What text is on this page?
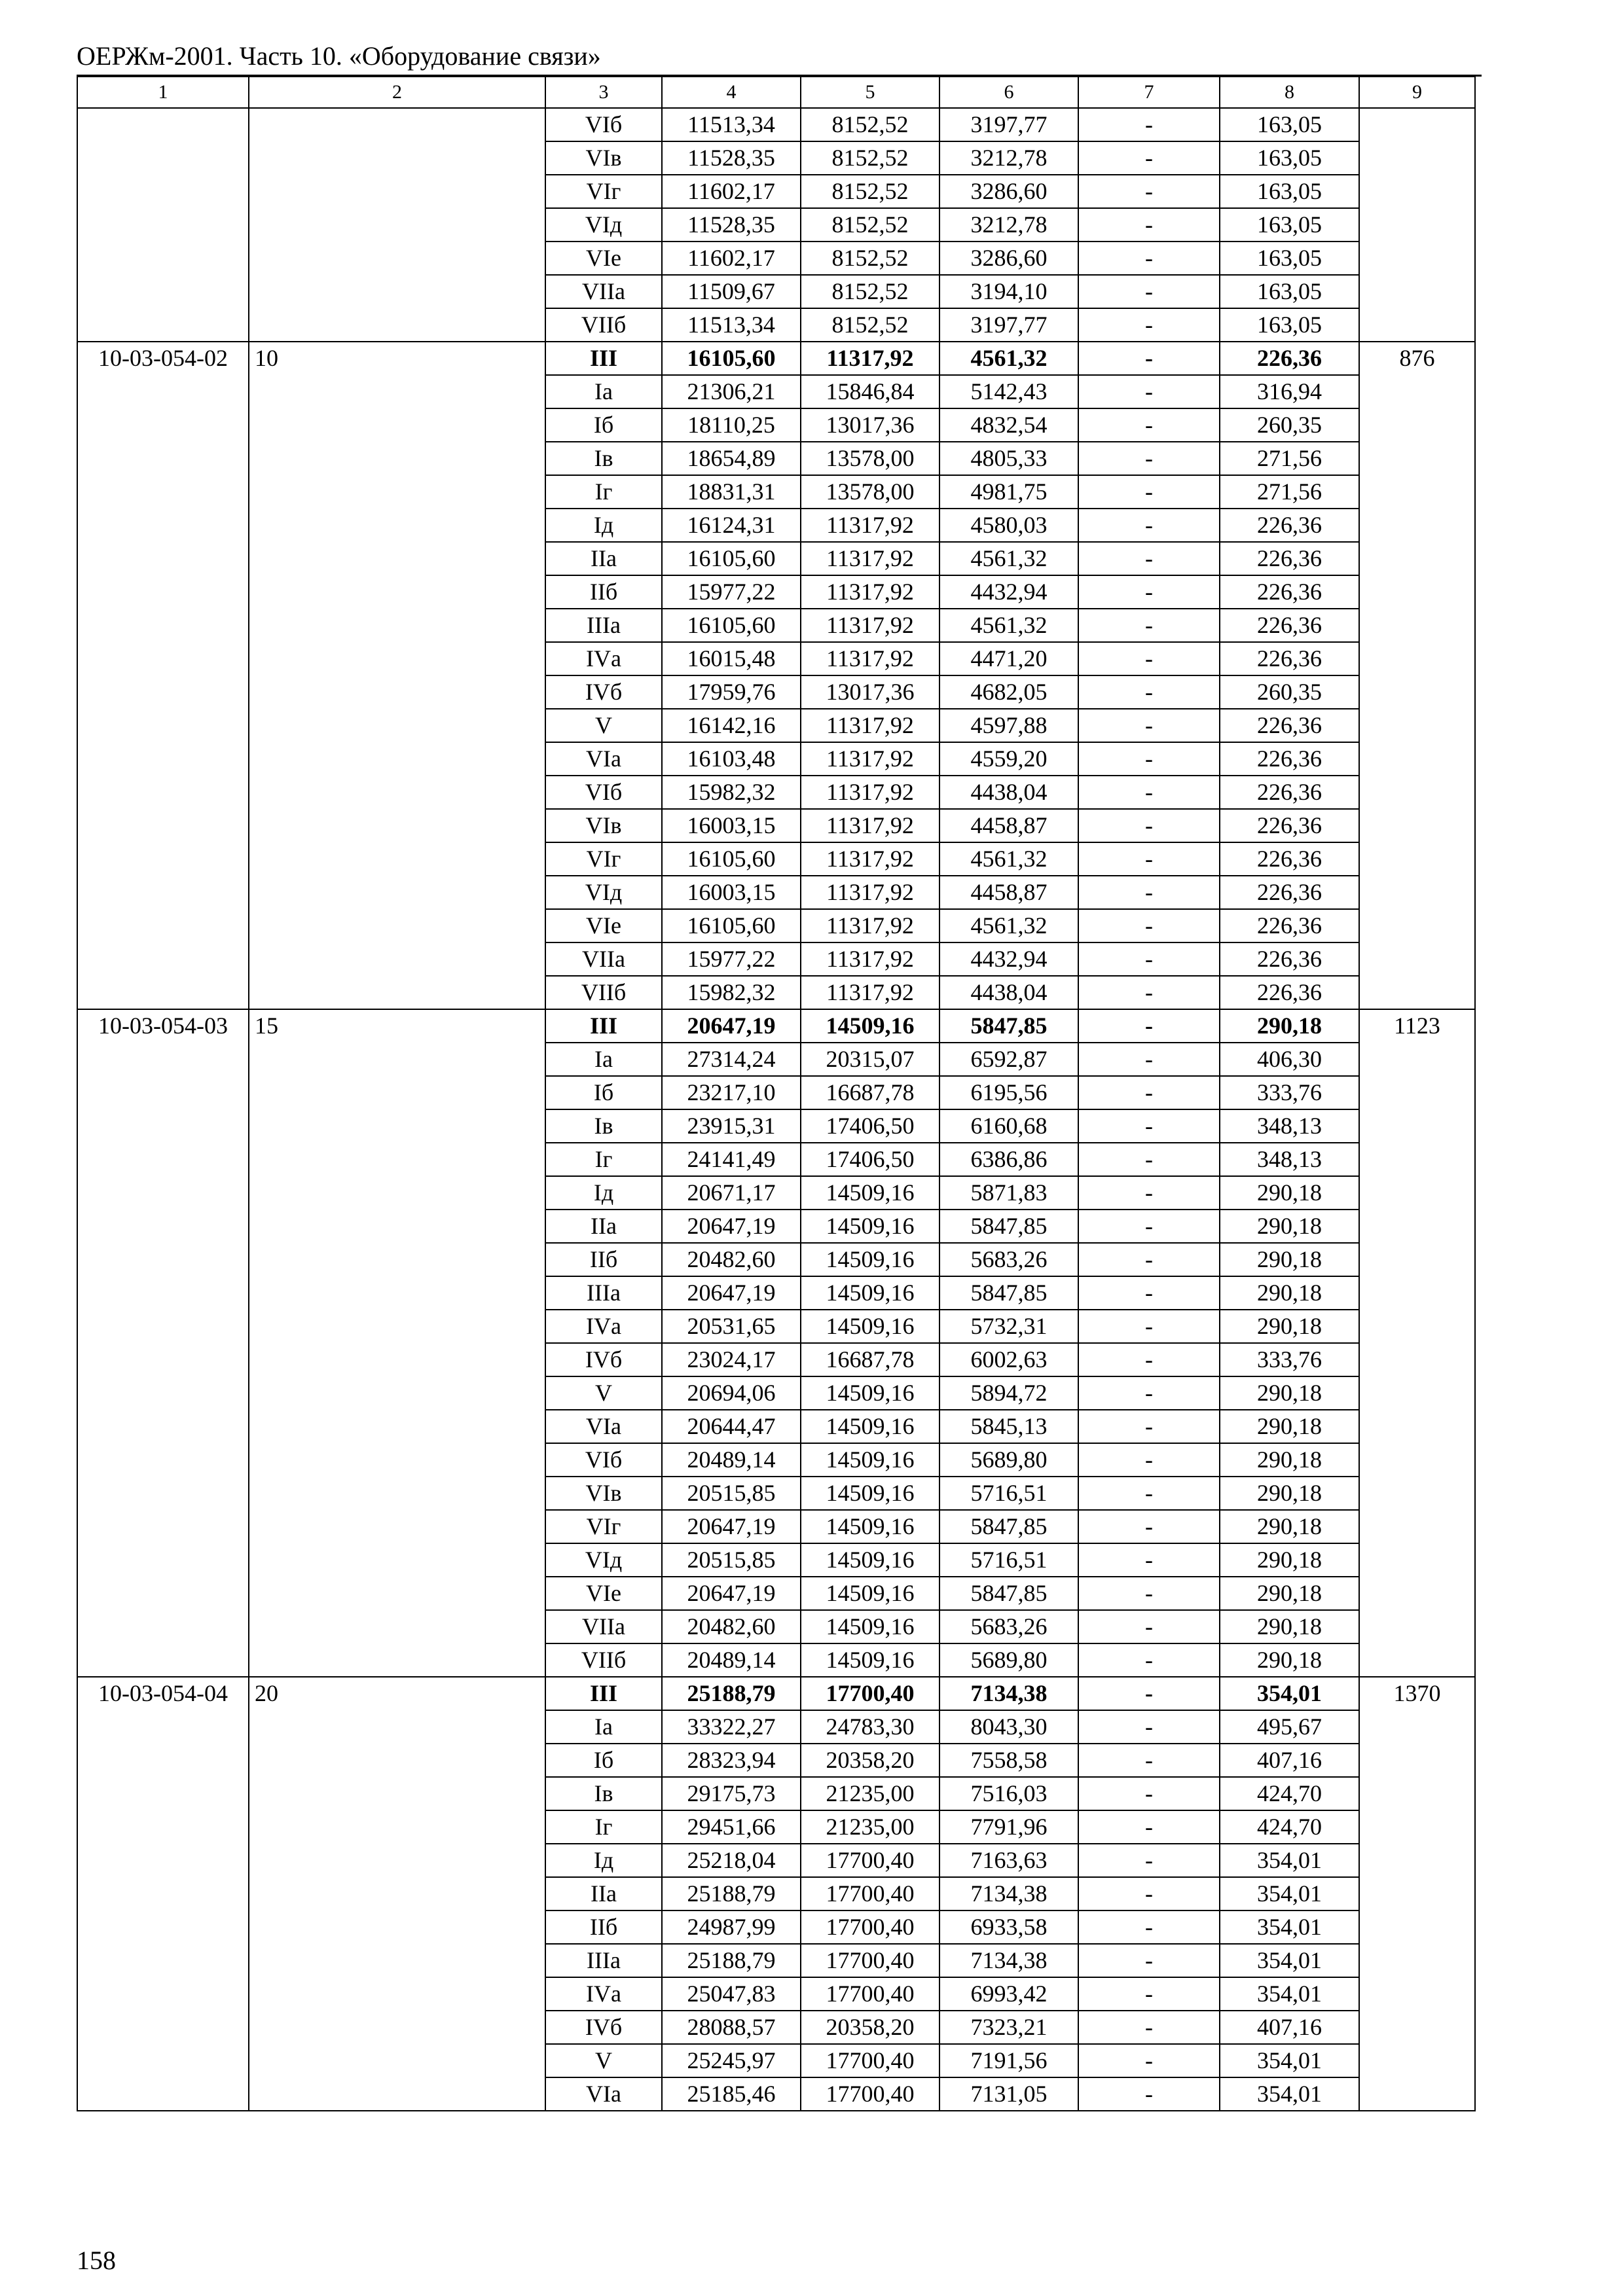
ОЕРЖм-2001. Часть 10. «Оборудование связи»
1	2	3	4	5	6	7	8	9
		VIб	11513,34	8152,52	3197,77	-	163,05	
		VIв	11528,35	8152,52	3212,78	-	163,05	
		VIг	11602,17	8152,52	3286,60	-	163,05	
		VIд	11528,35	8152,52	3212,78	-	163,05	
		VIе	11602,17	8152,52	3286,60	-	163,05	
		VIIа	11509,67	8152,52	3194,10	-	163,05	
		VIIб	11513,34	8152,52	3197,77	-	163,05	
10-03-054-02	10	III	16105,60	11317,92	4561,32	-	226,36	876
		Iа	21306,21	15846,84	5142,43	-	316,94	
		Iб	18110,25	13017,36	4832,54	-	260,35	
		Iв	18654,89	13578,00	4805,33	-	271,56	
		Iг	18831,31	13578,00	4981,75	-	271,56	
		Iд	16124,31	11317,92	4580,03	-	226,36	
		IIа	16105,60	11317,92	4561,32	-	226,36	
		IIб	15977,22	11317,92	4432,94	-	226,36	
		IIIа	16105,60	11317,92	4561,32	-	226,36	
		IVа	16015,48	11317,92	4471,20	-	226,36	
		IVб	17959,76	13017,36	4682,05	-	260,35	
		V	16142,16	11317,92	4597,88	-	226,36	
		VIа	16103,48	11317,92	4559,20	-	226,36	
		VIб	15982,32	11317,92	4438,04	-	226,36	
		VIв	16003,15	11317,92	4458,87	-	226,36	
		VIг	16105,60	11317,92	4561,32	-	226,36	
		VIд	16003,15	11317,92	4458,87	-	226,36	
		VIе	16105,60	11317,92	4561,32	-	226,36	
		VIIа	15977,22	11317,92	4432,94	-	226,36	
		VIIб	15982,32	11317,92	4438,04	-	226,36	
10-03-054-03	15	III	20647,19	14509,16	5847,85	-	290,18	1123
		Iа	27314,24	20315,07	6592,87	-	406,30	
		Iб	23217,10	16687,78	6195,56	-	333,76	
		Iв	23915,31	17406,50	6160,68	-	348,13	
		Iг	24141,49	17406,50	6386,86	-	348,13	
		Iд	20671,17	14509,16	5871,83	-	290,18	
		IIа	20647,19	14509,16	5847,85	-	290,18	
		IIб	20482,60	14509,16	5683,26	-	290,18	
		IIIа	20647,19	14509,16	5847,85	-	290,18	
		IVа	20531,65	14509,16	5732,31	-	290,18	
		IVб	23024,17	16687,78	6002,63	-	333,76	
		V	20694,06	14509,16	5894,72	-	290,18	
		VIа	20644,47	14509,16	5845,13	-	290,18	
		VIб	20489,14	14509,16	5689,80	-	290,18	
		VIв	20515,85	14509,16	5716,51	-	290,18	
		VIг	20647,19	14509,16	5847,85	-	290,18	
		VIд	20515,85	14509,16	5716,51	-	290,18	
		VIе	20647,19	14509,16	5847,85	-	290,18	
		VIIа	20482,60	14509,16	5683,26	-	290,18	
		VIIб	20489,14	14509,16	5689,80	-	290,18	
10-03-054-04	20	III	25188,79	17700,40	7134,38	-	354,01	1370
		Iа	33322,27	24783,30	8043,30	-	495,67	
		Iб	28323,94	20358,20	7558,58	-	407,16	
		Iв	29175,73	21235,00	7516,03	-	424,70	
		Iг	29451,66	21235,00	7791,96	-	424,70	
		Iд	25218,04	17700,40	7163,63	-	354,01	
		IIа	25188,79	17700,40	7134,38	-	354,01	
		IIб	24987,99	17700,40	6933,58	-	354,01	
		IIIа	25188,79	17700,40	7134,38	-	354,01	
		IVа	25047,83	17700,40	6993,42	-	354,01	
		IVб	28088,57	20358,20	7323,21	-	407,16	
		V	25245,97	17700,40	7191,56	-	354,01	
		VIа	25185,46	17700,40	7131,05	-	354,01	
158
